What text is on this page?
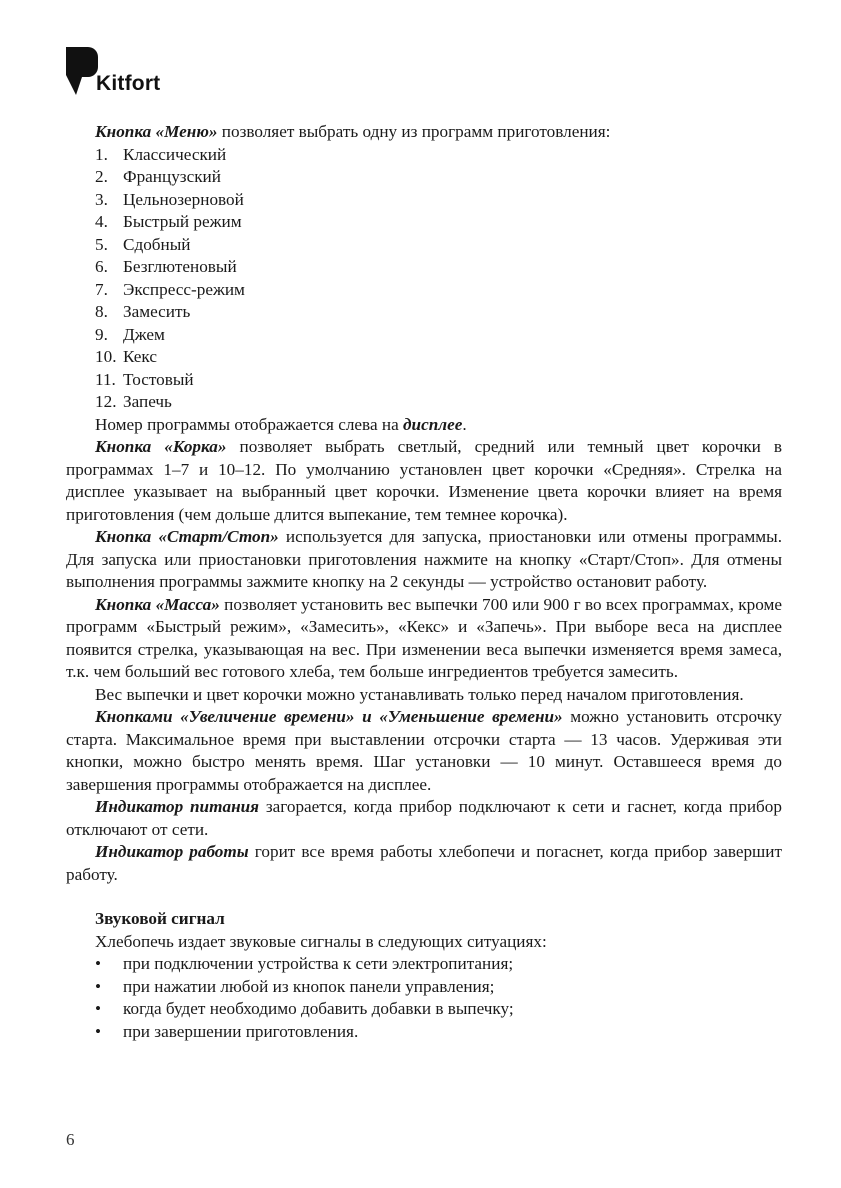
Kitfort

Кнопка «Меню» позволяет выбрать одну из программ приготовления:

1. Классический
2. Французский
3. Цельнозерновой
4. Быстрый режим
5. Сдобный
6. Безглютеновый
7. Экспресс-режим
8. Замесить
9. Джем
10. Кекс
11. Тостовый
12. Запечь

Номер программы отображается слева на дисплее.

Кнопка «Корка» позволяет выбрать светлый, средний или темный цвет корочки в программах 1–7 и 10–12. По умолчанию установлен цвет корочки «Средняя». Стрелка на дисплее указывает на выбранный цвет корочки. Изменение цвета корочки влияет на время приготовления (чем дольше длится выпекание, тем темнее корочка).

Кнопка «Старт/Стоп» используется для запуска, приостановки или отмены программы. Для запуска или приостановки приготовления нажмите на кнопку «Старт/Стоп». Для отмены выполнения программы зажмите кнопку на 2 секунды — устройство остановит работу.

Кнопка «Масса» позволяет установить вес выпечки 700 или 900 г во всех программах, кроме программ «Быстрый режим», «Замесить», «Кекс» и «Запечь». При выборе веса на дисплее появится стрелка, указывающая на вес. При изменении веса выпечки изменяется время замеса, т.к. чем больший вес готового хлеба, тем больше ингредиентов требуется замесить.

Вес выпечки и цвет корочки можно устанавливать только перед началом приготовления.

Кнопками «Увеличение времени» и «Уменьшение времени» можно установить отсрочку старта. Максимальное время при выставлении отсрочки старта — 13 часов. Удерживая эти кнопки, можно быстро менять время. Шаг установки — 10 минут. Оставшееся время до завершения программы отображается на дисплее.

Индикатор питания загорается, когда прибор подключают к сети и гаснет, когда прибор отключают от сети.

Индикатор работы горит все время работы хлебопечи и погаснет, когда прибор завершит работу.

Звуковой сигнал

Хлебопечь издает звуковые сигналы в следующих ситуациях:

•	при подключении устройства к сети электропитания;
•	при нажатии любой из кнопок панели управления;
•	когда будет необходимо добавить добавки в выпечку;
•	при завершении приготовления.
6
